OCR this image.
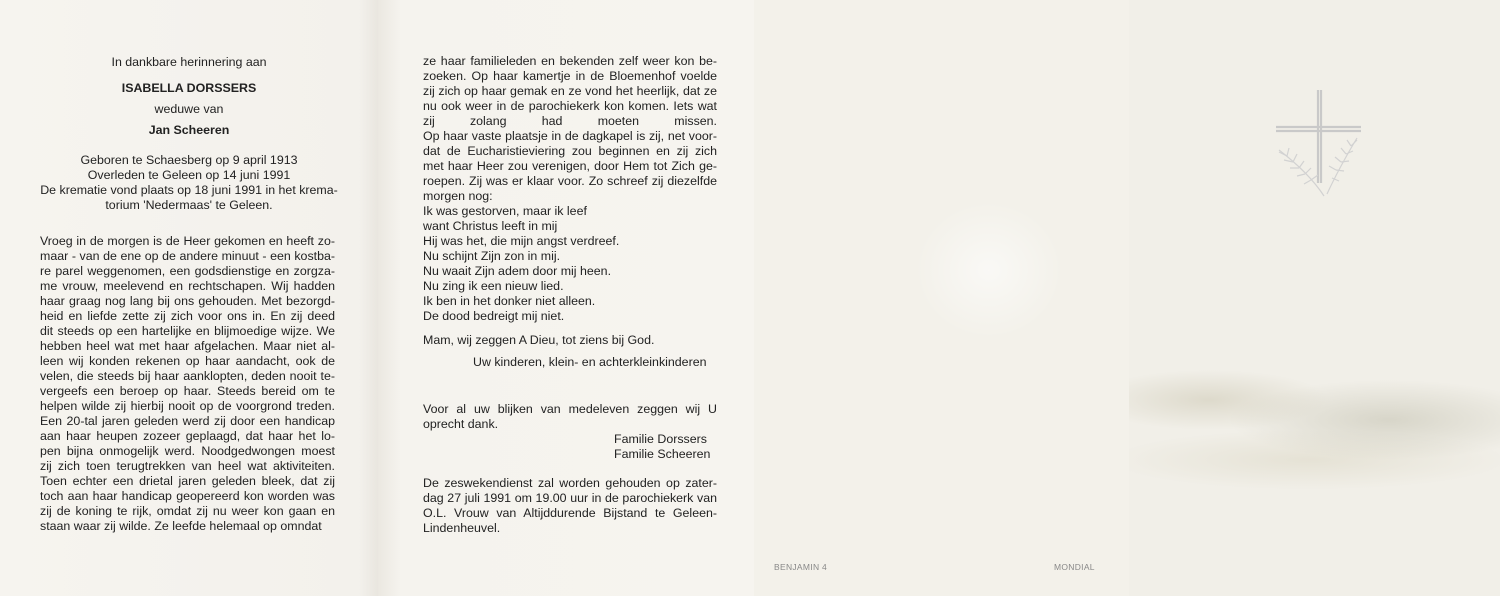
In dankbare herinnering aan
ISABELLA DORSSERS
weduwe van
Jan Scheeren
Geboren te Schaesberg op 9 april 1913
Overleden te Geleen op 14 juni 1991
De krematie vond plaats op 18 juni 1991 in het krema-
torium 'Nedermaas' te Geleen.
Vroeg in de morgen is de Heer gekomen en heeft zo-
maar - van de ene op de andere minuut - een kostba-
re parel weggenomen, een godsdienstige en zorgza-
me vrouw, meelevend en rechtschapen. Wij hadden
haar graag nog lang bij ons gehouden. Met bezorgd-
heid en liefde zette zij zich voor ons in. En zij deed
dit steeds op een hartelijke en blijmoedige wijze. We
hebben heel wat met haar afgelachen. Maar niet al-
leen wij konden rekenen op haar aandacht, ook de
velen, die steeds bij haar aanklopten, deden nooit te-
vergeefs een beroep op haar. Steeds bereid om te
helpen wilde zij hierbij nooit op de voorgrond treden.
Een 20-tal jaren geleden werd zij door een handicap
aan haar heupen zozeer geplaagd, dat haar het lo-
pen bijna onmogelijk werd. Noodgedwongen moest
zij zich toen terugtrekken van heel wat aktiviteiten.
Toen echter een drietal jaren geleden bleek, dat zij
toch aan haar handicap geopereerd kon worden was
zij de koning te rijk, omdat zij nu weer kon gaan en
staan waar zij wilde. Ze leefde helemaal op omndat
ze haar familieleden en bekenden zelf weer kon be-
zoeken. Op haar kamertje in de Bloemenhof voelde
zij zich op haar gemak en ze vond het heerlijk, dat ze
nu ook weer in de parochiekerk kon komen. Iets wat
zij zolang had moeten missen.
Op haar vaste plaatsje in de dagkapel is zij, net voor-
dat de Eucharistieviering zou beginnen en zij zich
met haar Heer zou verenigen, door Hem tot Zich ge-
roepen. Zij was er klaar voor. Zo schreef zij diezelfde
morgen nog:
Ik was gestorven, maar ik leef
want Christus leeft in mij
Hij was het, die mijn angst verdreef.
Nu schijnt Zijn zon in mij.
Nu waait Zijn adem door mij heen.
Nu zing ik een nieuw lied.
Ik ben in het donker niet alleen.
De dood bedreigt mij niet.
Mam, wij zeggen A Dieu, tot ziens bij God.
Uw kinderen, klein- en achterkleinkinderen
Voor al uw blijken van medeleven zeggen wij U
oprecht dank.
Familie Dorssers
Familie Scheeren
De zeswekendienst zal worden gehouden op zater-
dag 27 juli 1991 om 19.00 uur in de parochiekerk van
O.L. Vrouw van Altijddurende Bijstand te Geleen-
Lindenheuvel.
BENJAMIN 4	MONDIAL
